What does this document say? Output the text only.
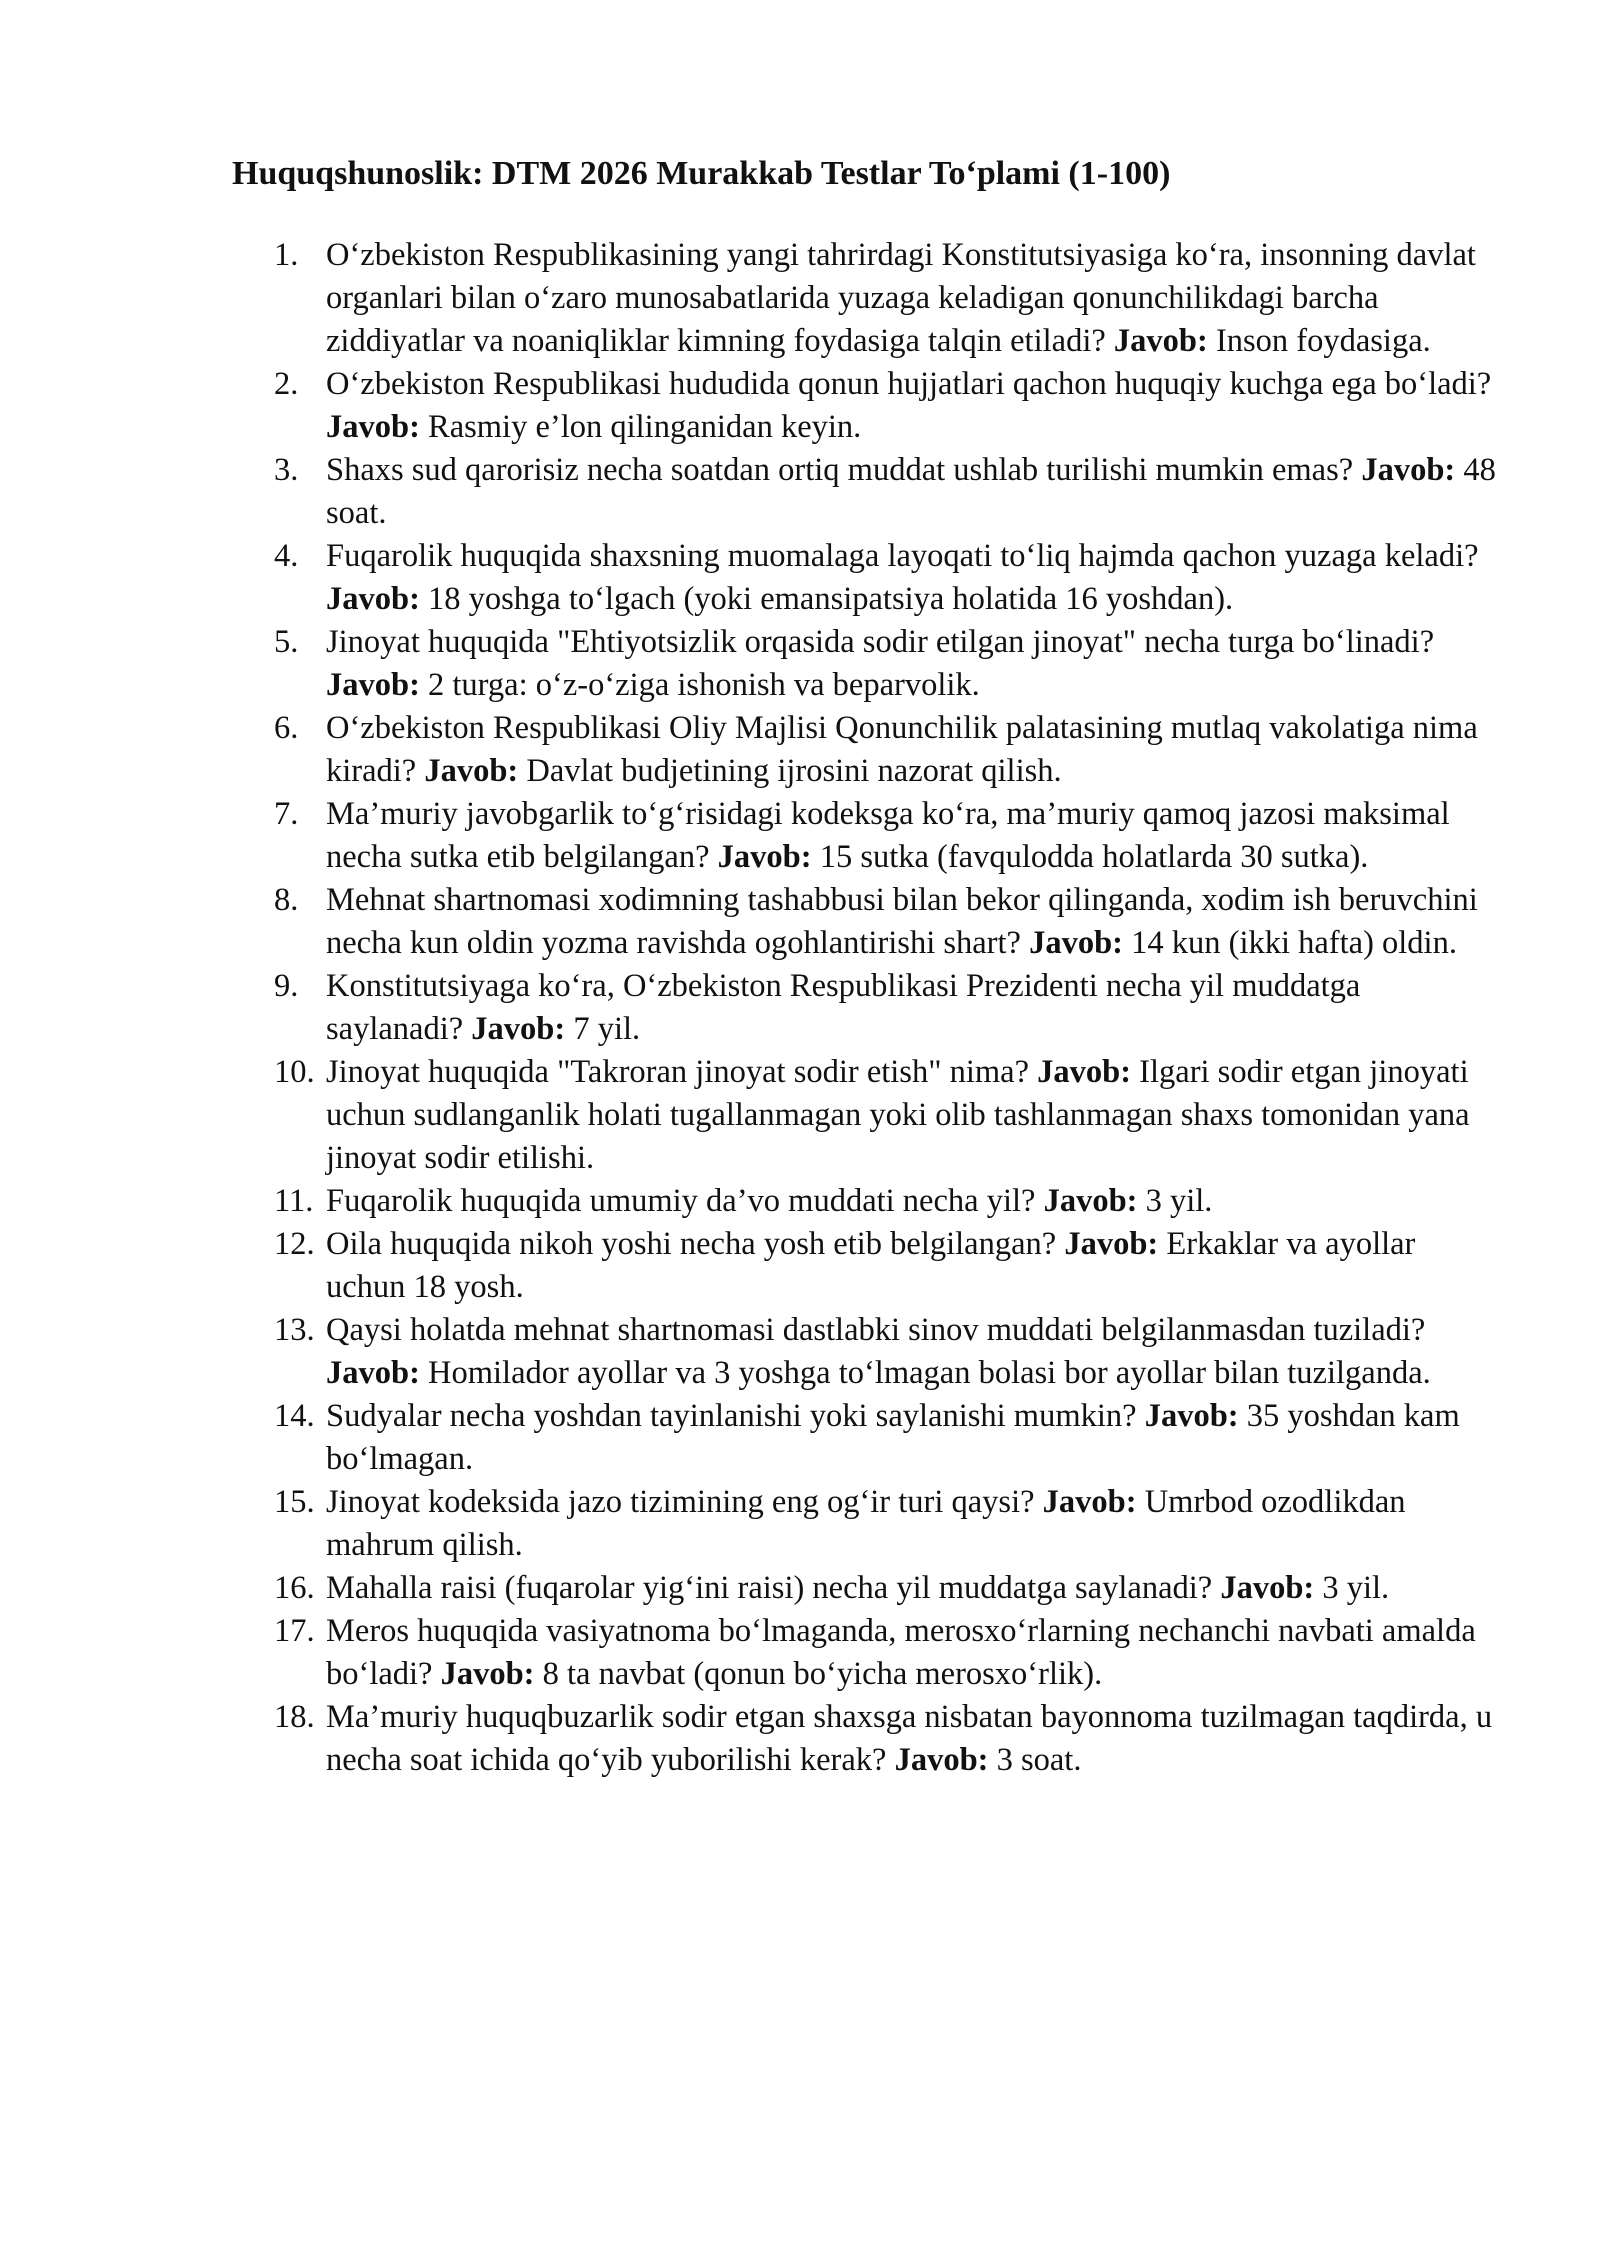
Huquqshunoslik: DTM 2026 Murakkab Testlar To‘plami (1-100)
1. O‘zbekiston Respublikasining yangi tahrirdagi Konstitutsiyasiga ko‘ra, insonning davlat organlari bilan o‘zaro munosabatlarida yuzaga keladigan qonunchilikdagi barcha ziddiyatlar va noaniqliklar kimning foydasiga talqin etiladi? Javob: Inson foydasiga.
2. O‘zbekiston Respublikasi hududida qonun hujjatlari qachon huquqiy kuchga ega bo‘ladi? Javob: Rasmiy e’lon qilinganidan keyin.
3. Shaxs sud qarorisiz necha soatdan ortiq muddat ushlab turilishi mumkin emas? Javob: 48 soat.
4. Fuqarolik huquqida shaxsning muomalaga layoqati to‘liq hajmda qachon yuzaga keladi? Javob: 18 yoshga to‘lgach (yoki emansipatsiya holatida 16 yoshdan).
5. Jinoyat huquqida "Ehtiyotsizlik orqasida sodir etilgan jinoyat" necha turga bo‘linadi? Javob: 2 turga: o‘z-o‘ziga ishonish va beparvolik.
6. O‘zbekiston Respublikasi Oliy Majlisi Qonunchilik palatasining mutlaq vakolatiga nima kiradi? Javob: Davlat budjetining ijrosini nazorat qilish.
7. Ma’muriy javobgarlik to‘g‘risidagi kodeksga ko‘ra, ma’muriy qamoq jazosi maksimal necha sutka etib belgilangan? Javob: 15 sutka (favqulodda holatlarda 30 sutka).
8. Mehnat shartnomasi xodimning tashabbusi bilan bekor qilinganda, xodim ish beruvchini necha kun oldin yozma ravishda ogohlantirishi shart? Javob: 14 kun (ikki hafta) oldin.
9. Konstitutsiyaga ko‘ra, O‘zbekiston Respublikasi Prezidenti necha yil muddatga saylanadi? Javob: 7 yil.
10. Jinoyat huquqida "Takroran jinoyat sodir etish" nima? Javob: Ilgari sodir etgan jinoyati uchun sudlanganlik holati tugallanmagan yoki olib tashlanmagan shaxs tomonidan yana jinoyat sodir etilishi.
11. Fuqarolik huquqida umumiy da’vo muddati necha yil? Javob: 3 yil.
12. Oila huquqida nikoh yoshi necha yosh etib belgilangan? Javob: Erkaklar va ayollar uchun 18 yosh.
13. Qaysi holatda mehnat shartnomasi dastlabki sinov muddati belgilanmasdan tuziladi? Javob: Homilador ayollar va 3 yoshga to‘lmagan bolasi bor ayollar bilan tuzilganda.
14. Sudyalar necha yoshdan tayinlanishi yoki saylanishi mumkin? Javob: 35 yoshdan kam bo‘lmagan.
15. Jinoyat kodeksida jazo tizimining eng og‘ir turi qaysi? Javob: Umrbod ozodlikdan mahrum qilish.
16. Mahalla raisi (fuqarolar yig‘ini raisi) necha yil muddatga saylanadi? Javob: 3 yil.
17. Meros huquqida vasiyatnoma bo‘lmaganda, merosxo‘rlarning nechanchi navbati amalda bo‘ladi? Javob: 8 ta navbat (qonun bo‘yicha merosxo‘rlik).
18. Ma’muriy huquqbuzarlik sodir etgan shaxsga nisbatan bayonnoma tuzilmagan taqdirda, u necha soat ichida qo‘yib yuborilishi kerak? Javob: 3 soat.
